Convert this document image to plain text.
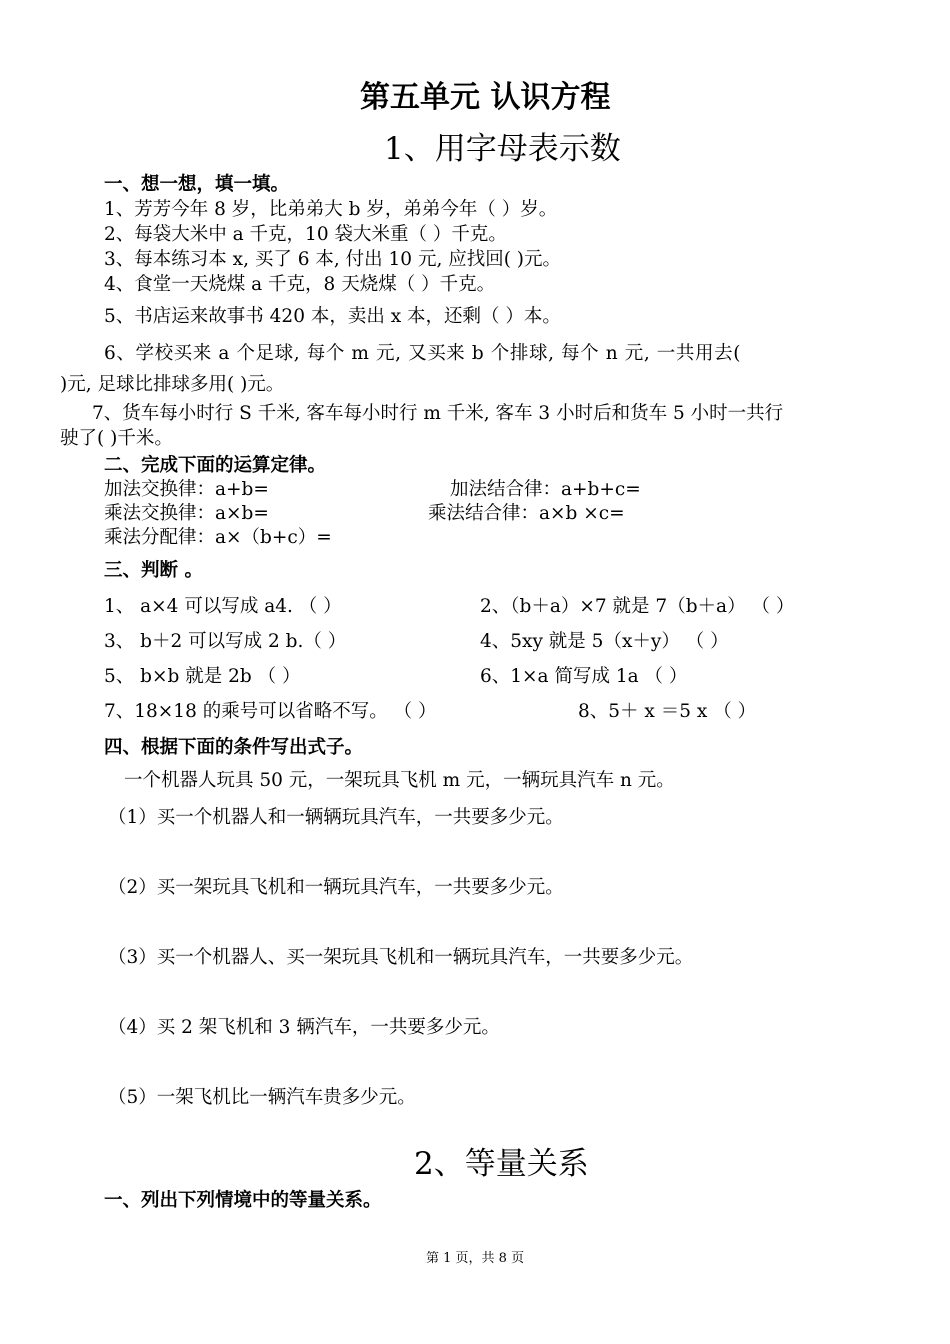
第五单元 认识方程
1、用字母表示数
一、想一想，填一填。
1、芳芳今年 8 岁，比弟弟大 b 岁，弟弟今年（ ）岁。
2、每袋大米中 a 千克，10 袋大米重（ ）千克。
3、每本练习本 x, 买了 6 本, 付出 10 元, 应找回( )元。
4、食堂一天烧煤 a 千克，8 天烧煤（ ）千克。
5、书店运来故事书 420 本，卖出 x 本，还剩（ ）本。
6、学校买来 a 个足球, 每个 m 元, 又买来 b 个排球, 每个 n 元, 一共用去(
)元, 足球比排球多用( )元。
7、货车每小时行 S 千米, 客车每小时行 m 千米, 客车 3 小时后和货车 5 小时一共行
驶了( )千米。
二、完成下面的运算定律。
加法交换律：a+b=	加法结合律：a+b+c=
乘法交换律：a×b=	乘法结合律：a×b ×c=
乘法分配律：a×（b+c）=
三、判断 。
1、 a×4 可以写成 a4. （ ）	2、（b＋a）×7 就是 7（b＋a） （ ）
3、 b＋2 可以写成 2 b.（ ）	4、5xy 就是 5（x＋y） （ ）
5、 b×b 就是 2b （ ）	6、1×a 简写成 1a （ ）
7、18×18 的乘号可以省略不写。 （ ）	8、5＋ x ＝5 x （ ）
四、根据下面的条件写出式子。
一个机器人玩具 50 元，一架玩具飞机 m 元，一辆玩具汽车 n 元。
（1）买一个机器人和一辆辆玩具汽车，一共要多少元。
（2）买一架玩具飞机和一辆玩具汽车，一共要多少元。
（3）买一个机器人、买一架玩具飞机和一辆玩具汽车，一共要多少元。
（4）买 2 架飞机和 3 辆汽车，一共要多少元。
（5）一架飞机比一辆汽车贵多少元。
2、等量关系
一、列出下列情境中的等量关系。
第 1 页，共 8 页
